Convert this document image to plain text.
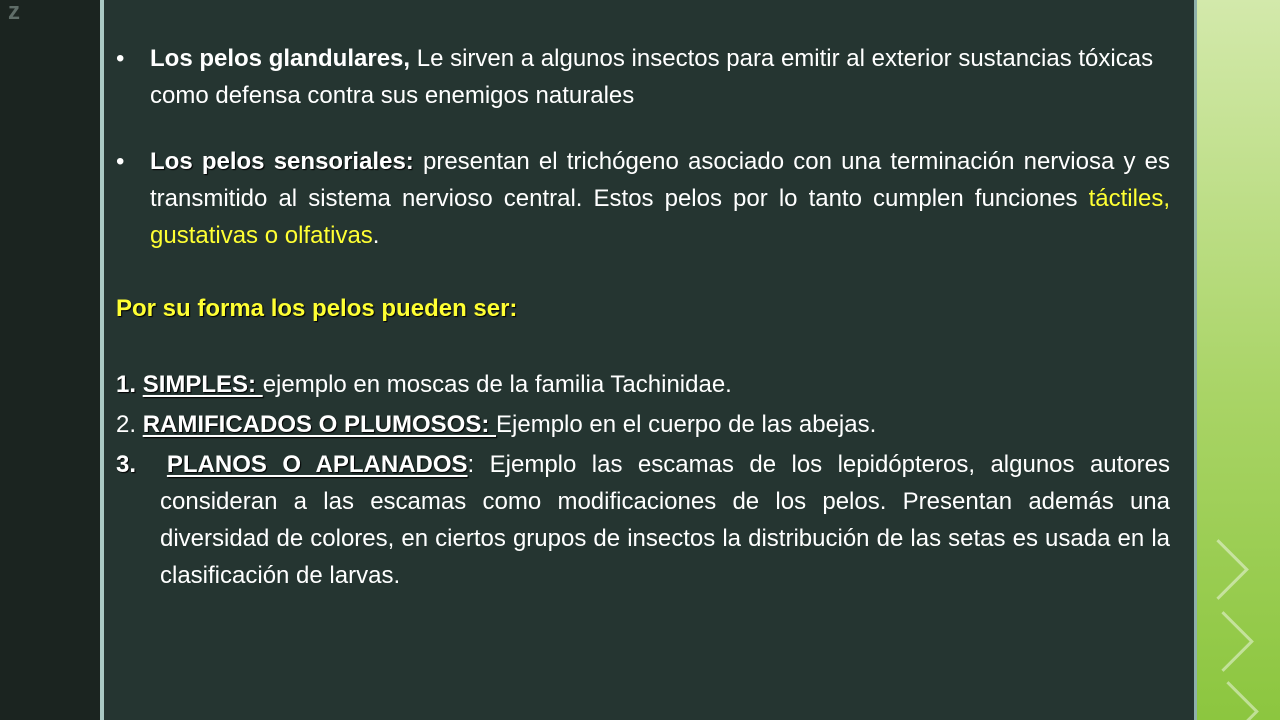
z
•	Los pelos glandulares, Le sirven a algunos insectos para emitir al exterior sustancias tóxicas como defensa contra sus enemigos naturales
•	Los pelos sensoriales: presentan el trichógeno asociado con una terminación nerviosa y es transmitido al sistema nervioso central. Estos pelos por lo tanto cumplen funciones táctiles, gustativas o olfativas.
Por su forma los pelos pueden ser:
1. SIMPLES: ejemplo en moscas de la familia Tachinidae.
2. RAMIFICADOS O PLUMOSOS: Ejemplo en el cuerpo de las abejas.
3. PLANOS O APLANADOS: Ejemplo las escamas de los lepidópteros, algunos autores consideran a las escamas como modificaciones de los pelos. Presentan además una diversidad de colores, en ciertos grupos de insectos la distribución de las setas es usada en la clasificación de larvas.
